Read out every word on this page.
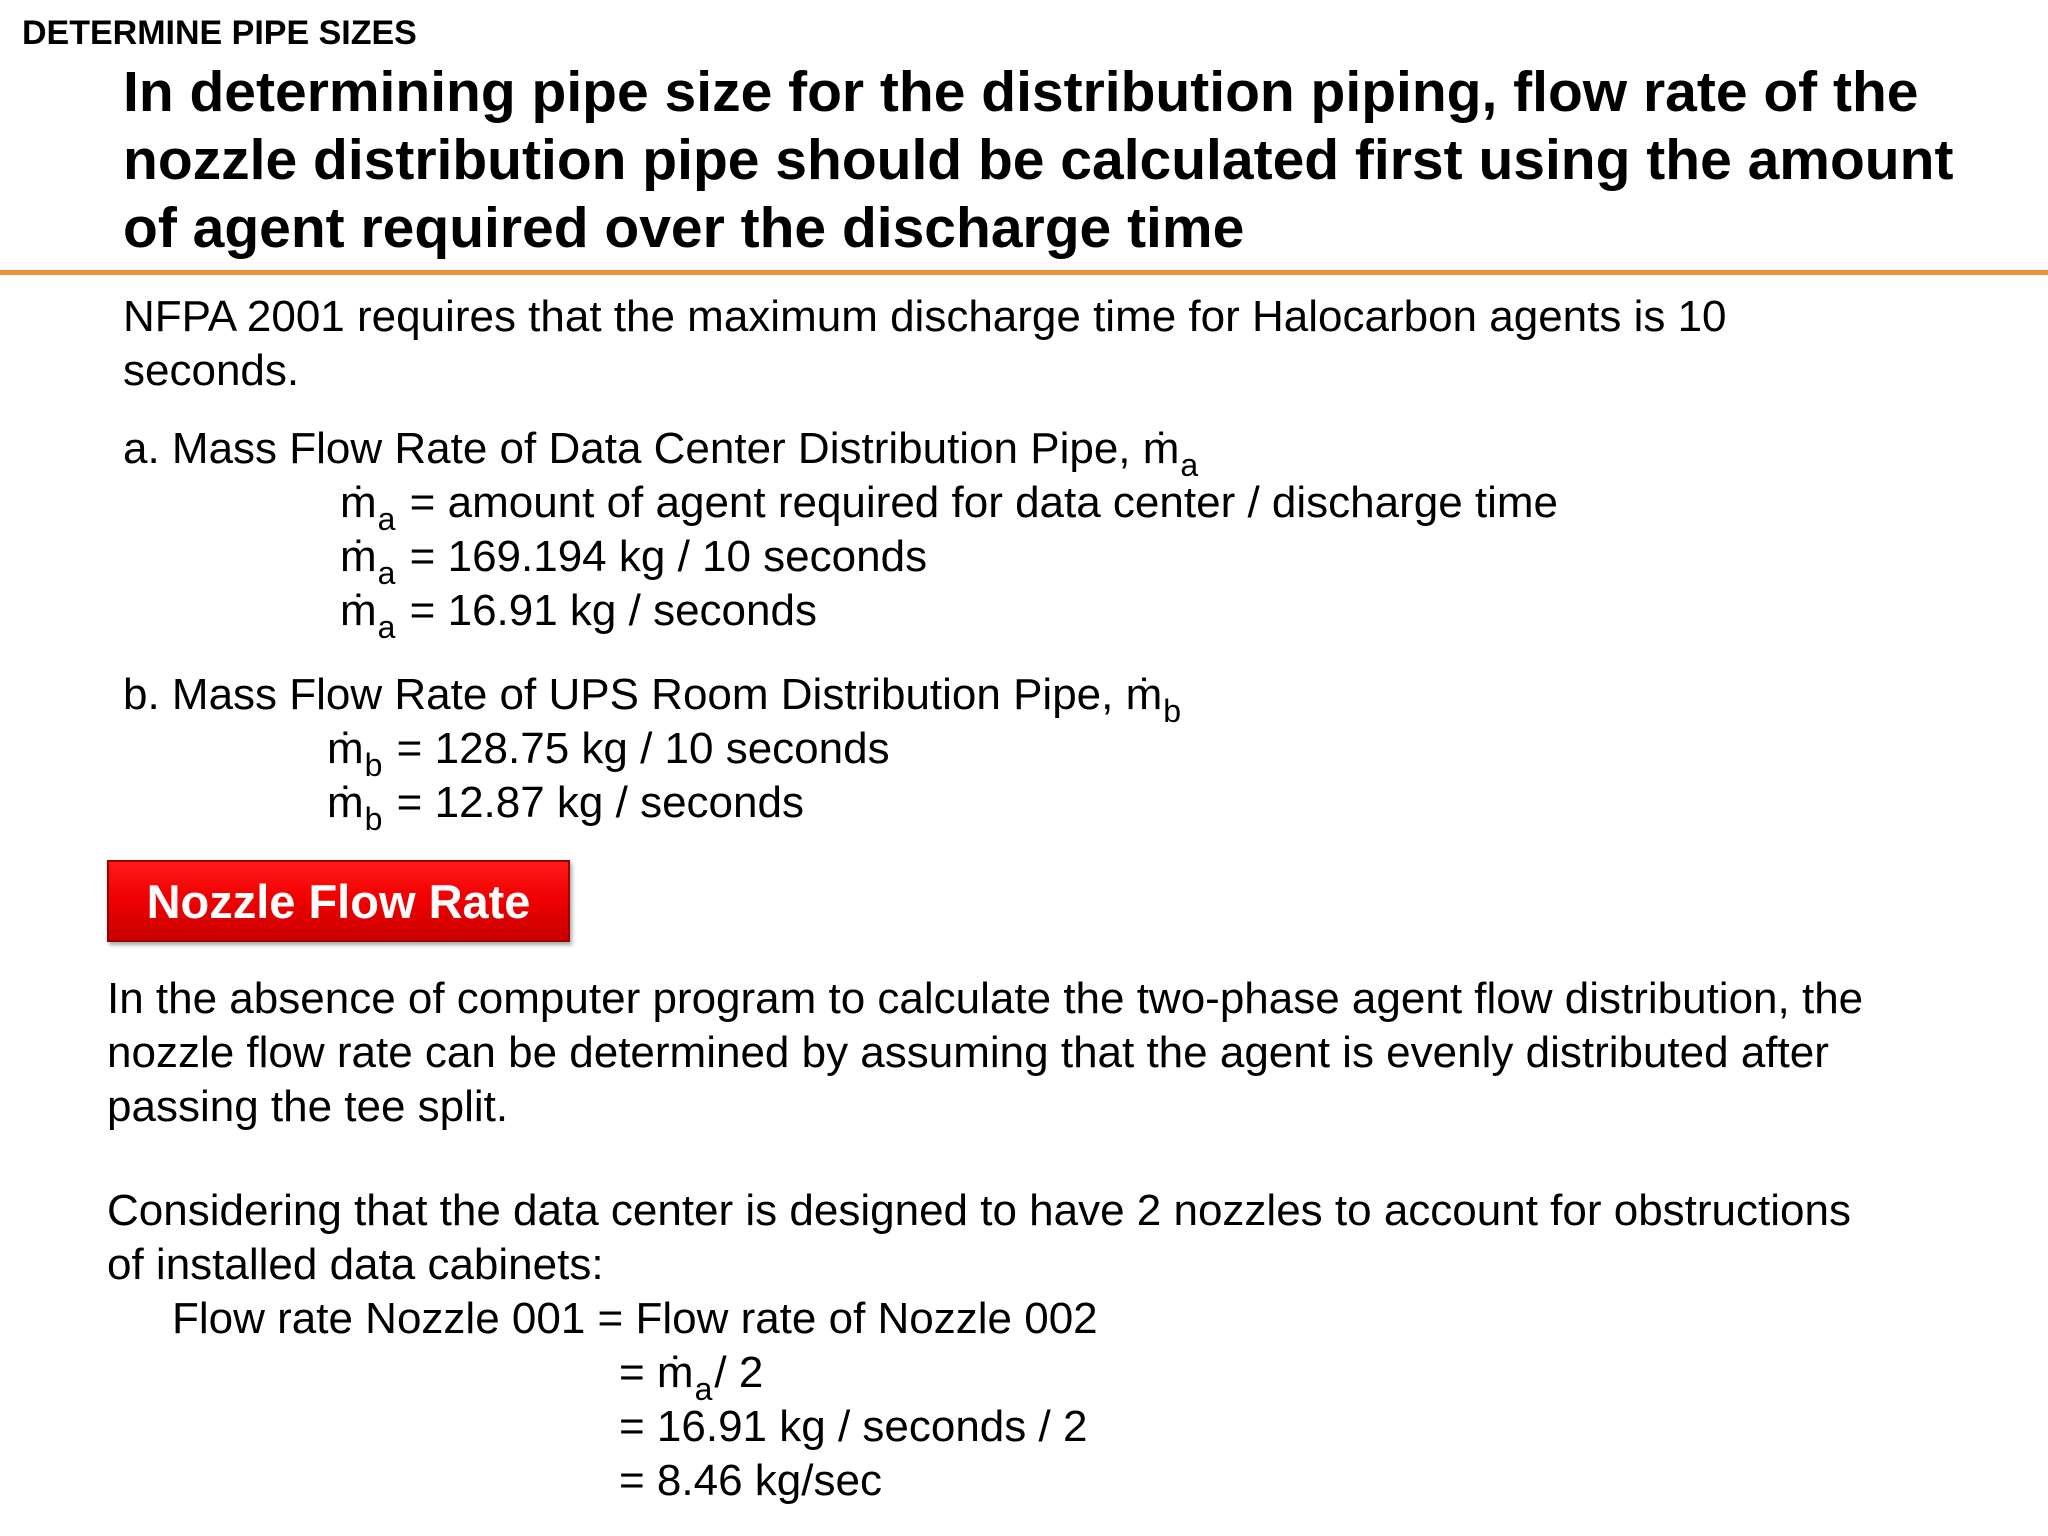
DETERMINE PIPE SIZES
In determining pipe size for the distribution piping, flow rate of the
nozzle distribution pipe should be calculated first using the amount
of agent required over the discharge time
NFPA 2001 requires that the maximum discharge time for Halocarbon agents is 10
seconds.
a. Mass Flow Rate of Data Center Distribution Pipe, ṁ$_a$
ṁ$_a$ = amount of agent required for data center / discharge time
ṁ$_a$ = 169.194 kg / 10 seconds
ṁ$_a$ = 16.91 kg / seconds
b. Mass Flow Rate of UPS Room Distribution Pipe, ṁ$_b$
ṁ$_b$ = 128.75 kg / 10 seconds
ṁ$_b$ = 12.87 kg / seconds
Nozzle Flow Rate
In the absence of computer program to calculate the two-phase agent flow distribution, the
nozzle flow rate can be determined by assuming that the agent is evenly distributed after
passing the tee split.
Considering that the data center is designed to have 2 nozzles to account for obstructions
of installed data cabinets:
Flow rate Nozzle 001 = Flow rate of Nozzle 002
= ṁ$_a$/ 2
= 16.91 kg / seconds / 2
= 8.46 kg/sec
